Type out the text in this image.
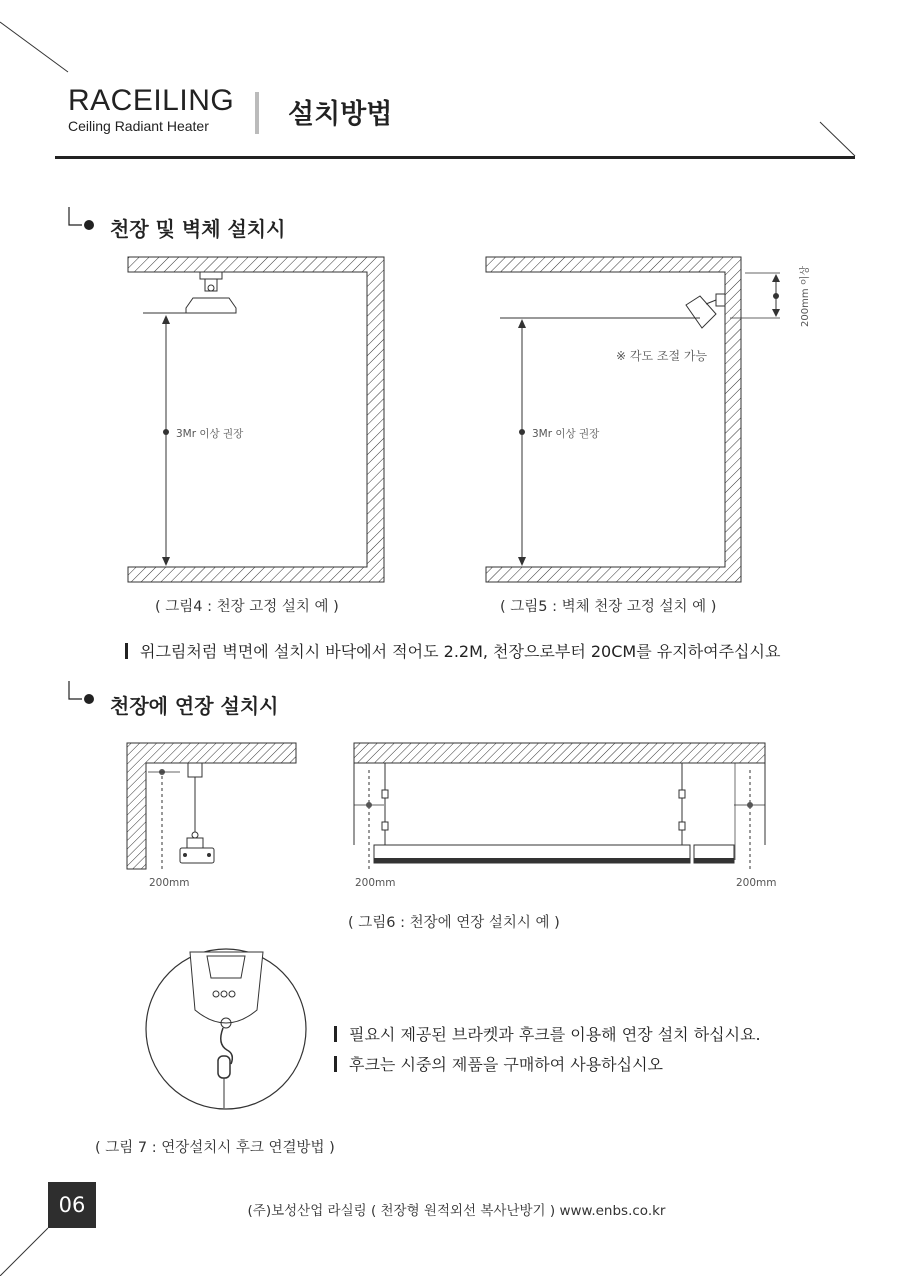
RACEILING
Ceiling Radiant Heater	설치방법
천장 및 벽체 설치시
3Mr 이상 권장	3Mr 이상 권장
※ 각도 조절 가능
200mm 이상
( 그림4 : 천장 고정 설치 예 )	( 그림5 : 벽체 천장 고정 설치 예 )
위그림처럼 벽면에 설치시 바닥에서 적어도 2.2M, 천장으로부터 20CM를 유지하여주십시요
천장에 연장 설치시
200mm	200mm	200mm
( 그림6 : 천장에 연장 설치시 예 )
필요시 제공된 브라켓과 후크를 이용해 연장 설치 하십시요.
후크는 시중의 제품을 구매하여 사용하십시오
( 그림 7 : 연장설치시 후크 연결방법 )
06	(주)보성산업 라실링 ( 천장형 원적외선 복사난방기 ) www.enbs.co.kr
